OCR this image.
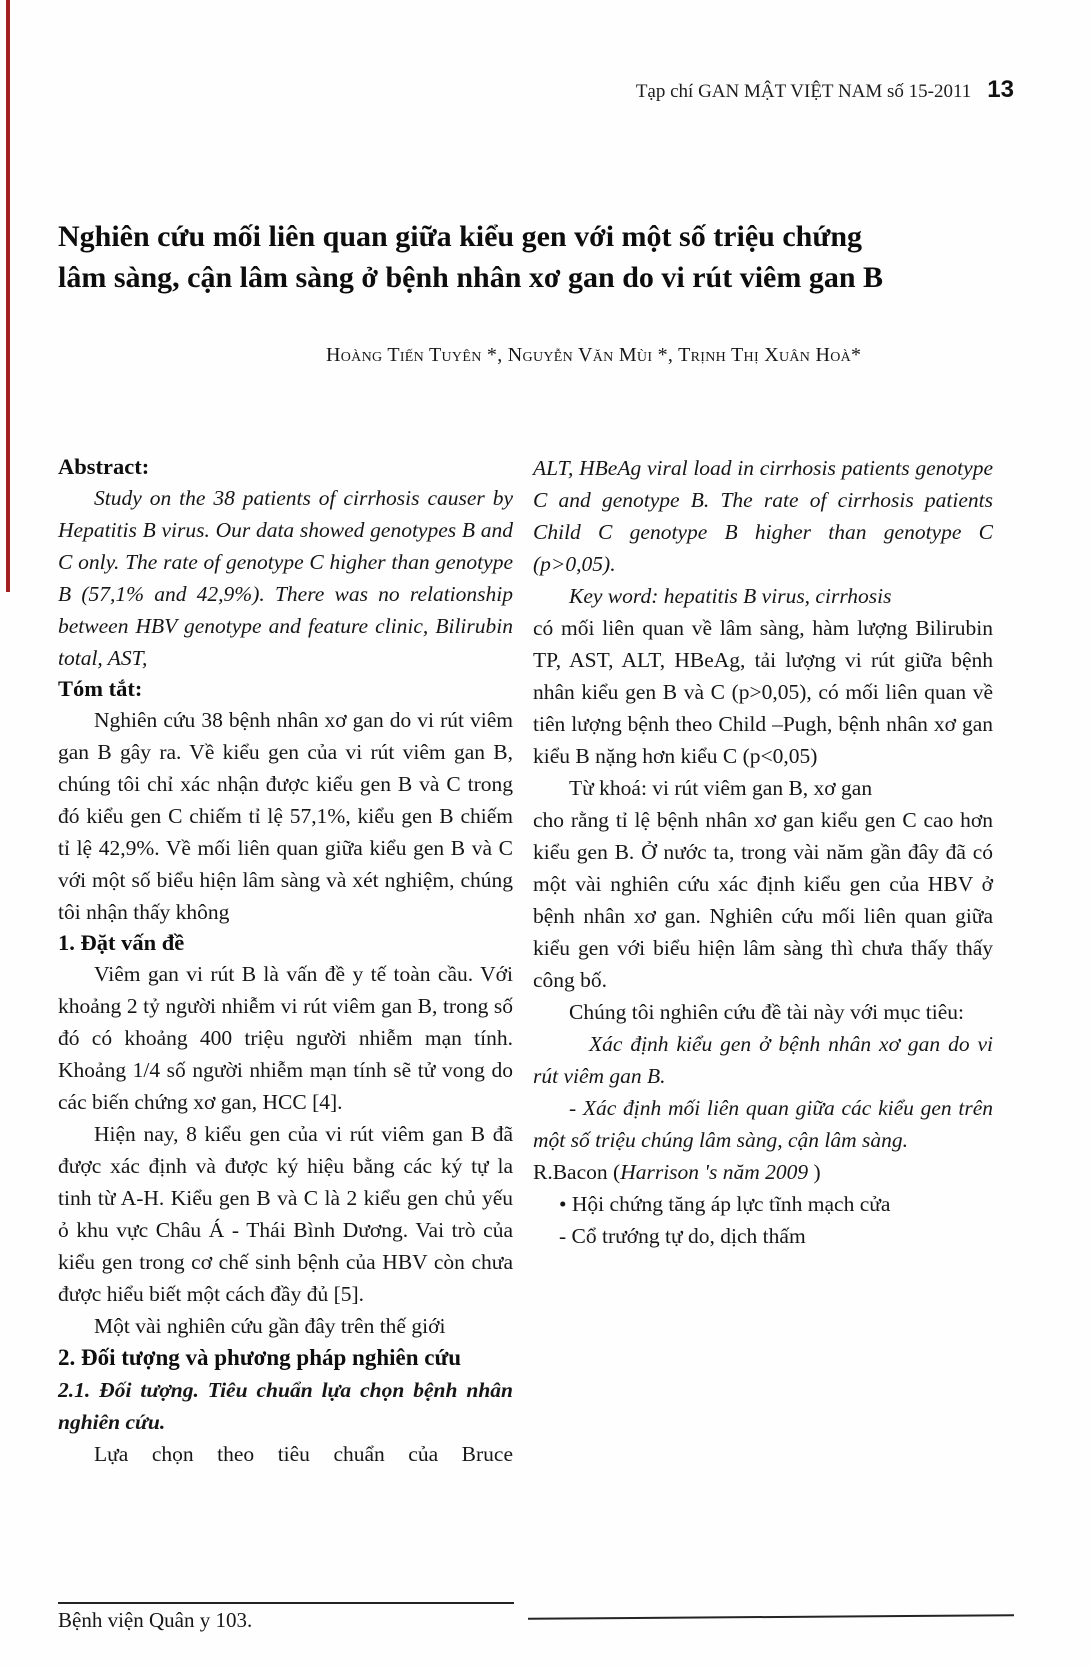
Tạp chí GAN MẬT VIỆT NAM số 15-2011 13
Nghiên cứu mối liên quan giữa kiểu gen với một số triệu chứng
lâm sàng, cận lâm sàng ở bệnh nhân xơ gan do vi rút viêm gan B
Hoàng Tiến Tuyên *, Nguyễn Văn Mùi *, Trịnh Thị Xuân Hoà*
Abstract:

Study on the 38 patients of cirrhosis causer by Hepatitis B virus. Our data showed genotypes B and C only. The rate of genotype C higher than genotype B (57,1% and 42,9%). There was no relationship between HBV genotype and feature clinic, Bilirubin total, AST,

Tóm tắt:

Nghiên cứu 38 bệnh nhân xơ gan do vi rút viêm gan B gây ra. Về kiểu gen của vi rút viêm gan B, chúng tôi chỉ xác nhận được kiểu gen B và C trong đó kiểu gen C chiếm tỉ lệ 57,1%, kiểu gen B chiếm tỉ lệ 42,9%. Về mối liên quan giữa kiểu gen B và C với một số biểu hiện lâm sàng và xét nghiệm, chúng tôi nhận thấy không

1. Đặt vấn đề

Viêm gan vi rút B là vấn đề y tế toàn cầu. Với khoảng 2 tỷ người nhiễm vi rút viêm gan B, trong số đó có khoảng 400 triệu người nhiễm mạn tính. Khoảng 1/4 số người nhiễm mạn tính sẽ tử vong do các biến chứng xơ gan, HCC [4].

Hiện nay, 8 kiểu gen của vi rút viêm gan B đã được xác định và được ký hiệu bằng các ký tự la tinh từ A-H. Kiểu gen B và C là 2 kiểu gen chủ yếu ỏ khu vực Châu Á - Thái Bình Dương. Vai trò của kiểu gen trong cơ chế sinh bệnh của HBV còn chưa được hiểu biết một cách đầy đủ [5].

Một vài nghiên cứu gần đây trên thế giới

2. Đối tượng và phương pháp nghiên cứu

2.1. Đối tượng. Tiêu chuẩn lựa chọn bệnh nhân nghiên cứu.

Lựa chọn theo tiêu chuẩn của Bruce

ALT, HBeAg viral load in cirrhosis patients genotype C and genotype B. The rate of cirrhosis patients Child C genotype B higher than genotype C (p>0,05).

Key word: hepatitis B virus, cirrhosis

có mối liên quan về lâm sàng, hàm lượng Bilirubin TP, AST, ALT, HBeAg, tải lượng vi rút giữa bệnh nhân kiểu gen B và C (p>0,05), có mối liên quan về tiên lượng bệnh theo Child –Pugh, bệnh nhân xơ gan kiểu B nặng hơn kiểu C (p<0,05)

Từ khoá: vi rút viêm gan B, xơ gan

cho rằng tỉ lệ bệnh nhân xơ gan kiểu gen C cao hơn kiểu gen B. Ở nước ta, trong vài năm gần đây đã có một vài nghiên cứu xác định kiểu gen của HBV ở bệnh nhân xơ gan. Nghiên cứu mối liên quan giữa kiểu gen với biểu hiện lâm sàng thì chưa thấy thấy công bố.

Chúng tôi nghiên cứu đề tài này với mục tiêu:

Xác định kiểu gen ở bệnh nhân xơ gan do vi rút viêm gan B.

- Xác định mối liên quan giữa các kiểu gen trên một số triệu chúng lâm sàng, cận lâm sàng.

R.Bacon (Harrison 's năm 2009 )

• Hội chứng tăng áp lực tĩnh mạch cửa

- Cổ trướng tự do, dịch thấm

Bệnh viện Quân y 103.
